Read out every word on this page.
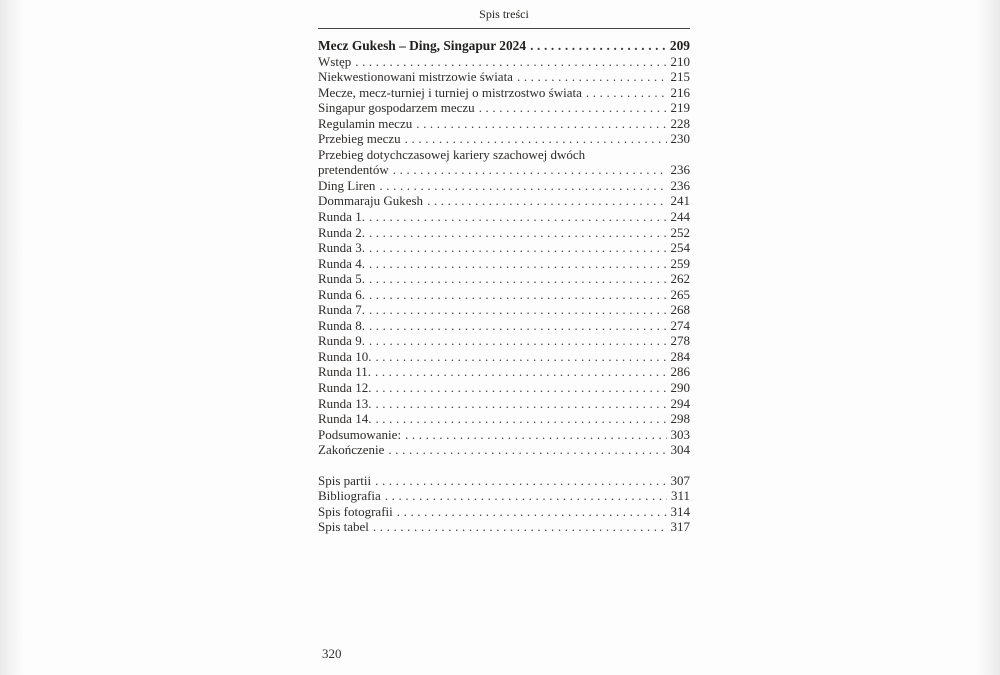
Spis treści
Mecz Gukesh – Ding, Singapur 2024 .....	209
Wstęp .....	210
Niekwestionowani mistrzowie świata .....	215
Mecze, mecz-turniej i turniej o mistrzostwo świata .....	216
Singapur gospodarzem meczu .....	219
Regulamin meczu .....	228
Przebieg meczu .....	230
Przebieg dotychczasowej kariery szachowej dwóch
pretendentów .....	236
Ding Liren .....	236
Dommaraju Gukesh .....	241
Runda 1. .....	244
Runda 2. .....	252
Runda 3. .....	254
Runda 4. .....	259
Runda 5. .....	262
Runda 6. .....	265
Runda 7. .....	268
Runda 8. .....	274
Runda 9. .....	278
Runda 10. .....	284
Runda 11. .....	286
Runda 12. .....	290
Runda 13. .....	294
Runda 14. .....	298
Podsumowanie: .....	303
Zakończenie .....	304
Spis partii .....	307
Bibliografia .....	311
Spis fotografii .....	314
Spis tabel .....	317
320
